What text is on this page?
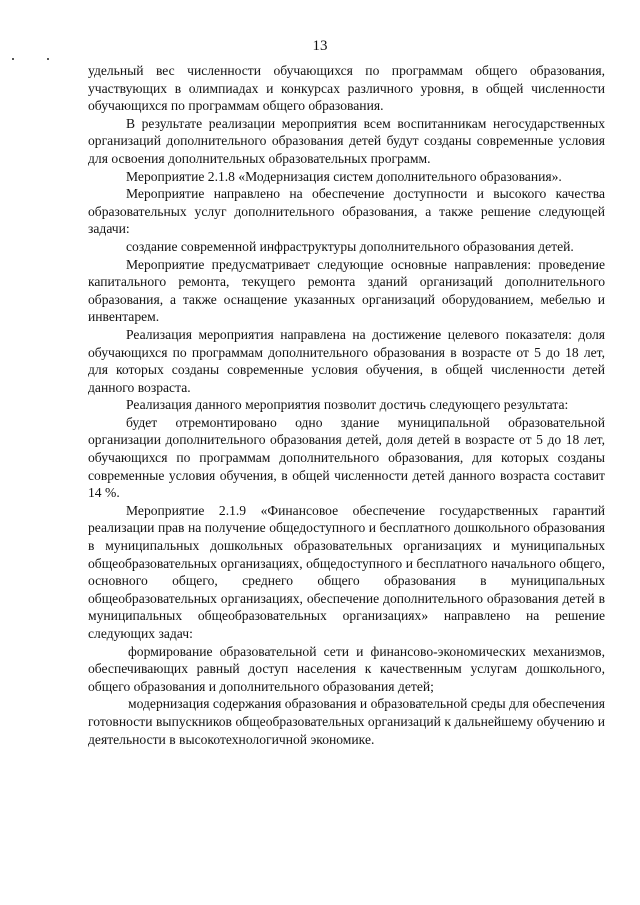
13

удельный вес численности обучающихся по программам общего образования, участвующих в олимпиадах и конкурсах различного уровня, в общей численности обучающихся по программам общего образования.

В результате реализации мероприятия всем воспитанникам негосударственных организаций дополнительного образования детей будут созданы современные условия для освоения дополнительных образовательных программ.

Мероприятие 2.1.8 «Модернизация систем дополнительного образования».

Мероприятие направлено на обеспечение доступности и высокого качества образовательных услуг дополнительного образования, а также решение следующей задачи:

создание современной инфраструктуры дополнительного образования детей.

Мероприятие предусматривает следующие основные направления: проведение капитального ремонта, текущего ремонта зданий организаций дополнительного образования, а также оснащение указанных организаций оборудованием, мебелью и инвентарем.

Реализация мероприятия направлена на достижение целевого показателя: доля обучающихся по программам дополнительного образования в возрасте от 5 до 18 лет, для которых созданы современные условия обучения, в общей численности детей данного возраста.

Реализация данного мероприятия позволит достичь следующего результата:

будет отремонтировано одно здание муниципальной образовательной организации дополнительного образования детей, доля детей в возрасте от 5 до 18 лет, обучающихся по программам дополнительного образования, для которых созданы современные условия обучения, в общей численности детей данного возраста составит 14 %.

Мероприятие 2.1.9 «Финансовое обеспечение государственных гарантий реализации прав на получение общедоступного и бесплатного дошкольного образования в муниципальных дошкольных образовательных организациях и муниципальных общеобразовательных организациях, общедоступного и бесплатного начального общего, основного общего, среднего общего образования в муниципальных общеобразовательных организациях, обеспечение дополнительного образования детей в муниципальных общеобразовательных организациях» направлено на решение следующих задач:

формирование образовательной сети и финансово-экономических механизмов, обеспечивающих равный доступ населения к качественным услугам дошкольного, общего образования и дополнительного образования детей;

модернизация содержания образования и образовательной среды для обеспечения готовности выпускников общеобразовательных организаций к дальнейшему обучению и деятельности в высокотехнологичной экономике.
